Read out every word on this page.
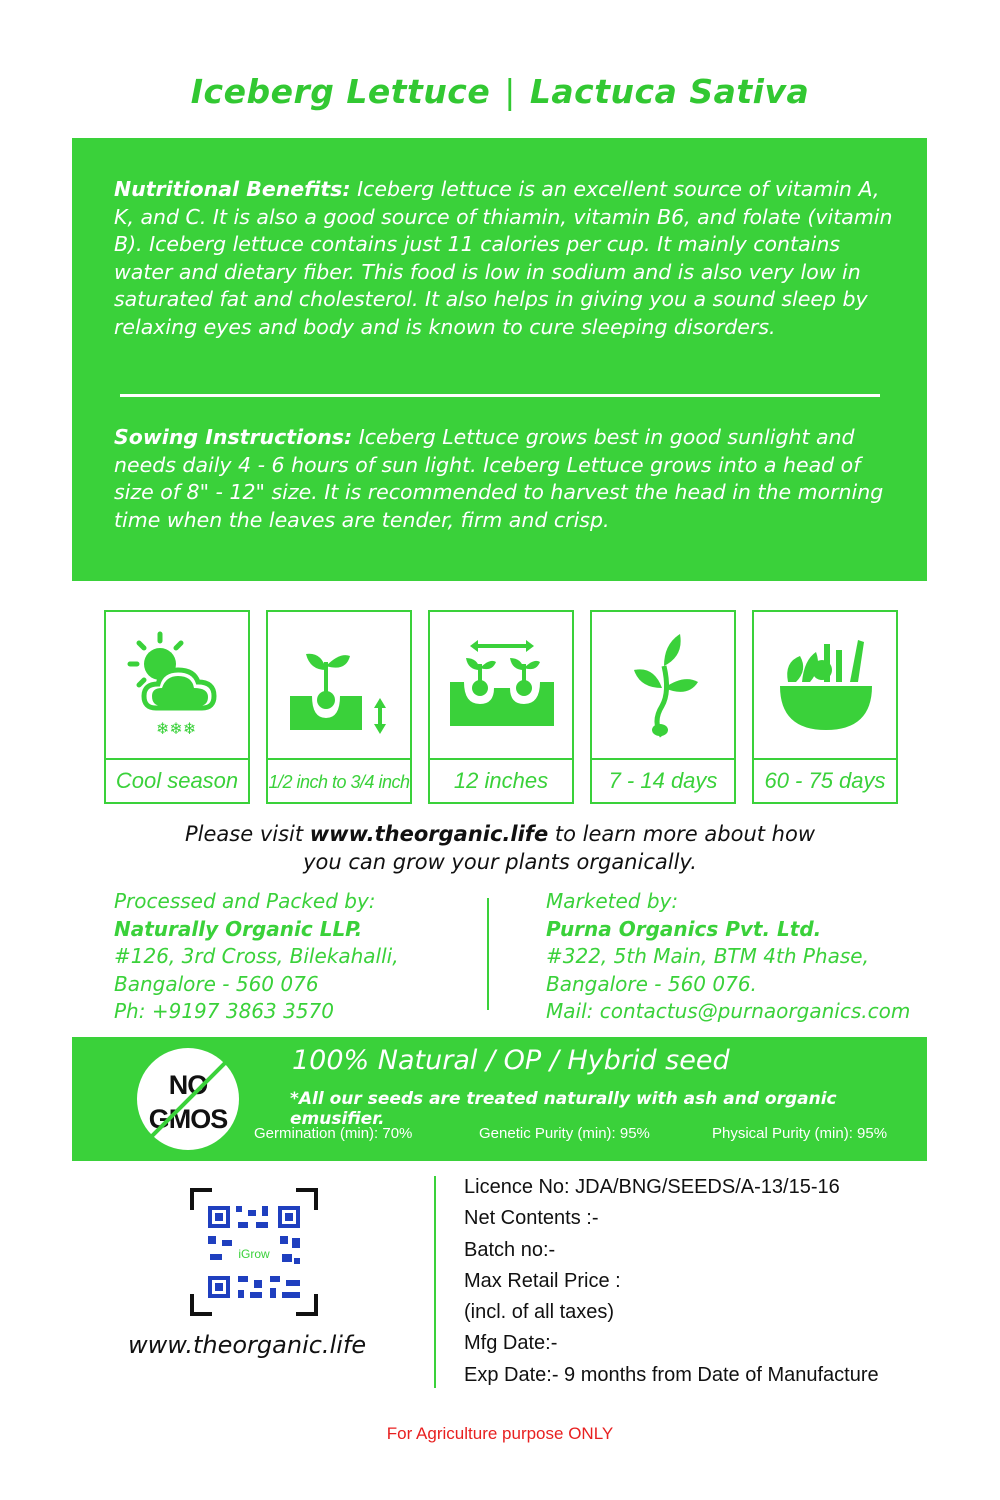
Iceberg Lettuce | Lactuca Sativa
Nutritional Benefits: Iceberg lettuce is an excellent source of vitamin A, K, and C. It is also a good source of thiamin, vitamin B6, and folate (vitamin B). Iceberg lettuce contains just 11 calories per cup. It mainly contains water and dietary fiber. This food is low in sodium and is also very low in saturated fat and cholesterol. It also helps in giving you a sound sleep by relaxing eyes and body and is known to cure sleeping disorders.
Sowing Instructions: Iceberg Lettuce grows best in good sunlight and needs daily 4 - 6 hours of sun light. Iceberg Lettuce grows into a head of size of 8" - 12" size. It is recommended to harvest the head in the morning time when the leaves are tender, firm and crisp.
❄❄❄
Cool season	1/2 inch to 3/4 inch	12 inches	7 - 14 days	60 - 75 days
Please visit www.theorganic.life to learn more about how
you can grow your plants organically.
Processed and Packed by:
Naturally Organic LLP.
#126, 3rd Cross, Bilekahalli,
Bangalore - 560 076
Ph: +9197 3863 3570
Marketed by:
Purna Organics Pvt. Ltd.
#322, 5th Main, BTM 4th Phase,
Bangalore - 560 076.
Mail: contactus@purnaorganics.com
NO
GMOS
100% Natural / OP / Hybrid seed
*All our seeds are treated naturally with ash and organic emusifier.
Germination (min): 70%	Genetic Purity (min): 95%	Physical Purity (min): 95%
iGrow
www.theorganic.life
Licence No: JDA/BNG/SEEDS/A-13/15-16
Net Contents :-
Batch no:-
Max Retail Price :
(incl. of all taxes)
Mfg Date:-
Exp Date:- 9 months from Date of Manufacture
For Agriculture purpose ONLY
